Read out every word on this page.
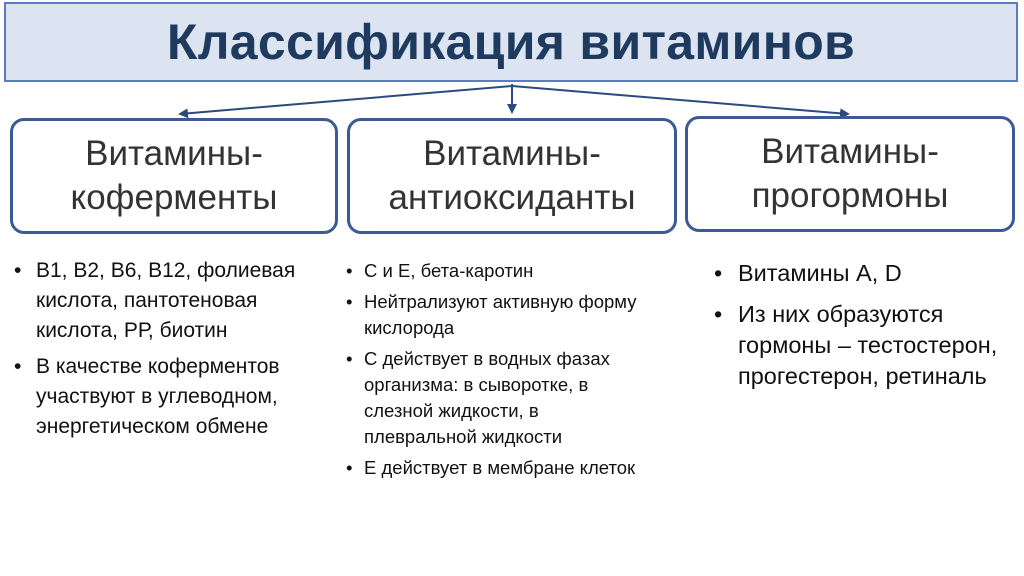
Классификация витаминов
Витамины-
коферменты
Витамины-
антиоксиданты
Витамины-
прогормоны
• В1, В2, В6, В12, фолиевая кислота, пантотеновая кислота, РР, биотин
• В качестве коферментов участвуют в углеводном, энергетическом обмене
• С и Е, бета-каротин
• Нейтрализуют активную форму кислорода
• С действует в водных фазах организма: в сыворотке, в слезной жидкости, в плевральной жидкости
• Е действует в мембране клеток
• Витамины А, D
• Из них образуются гормоны – тестостерон, прогестерон, ретиналь
